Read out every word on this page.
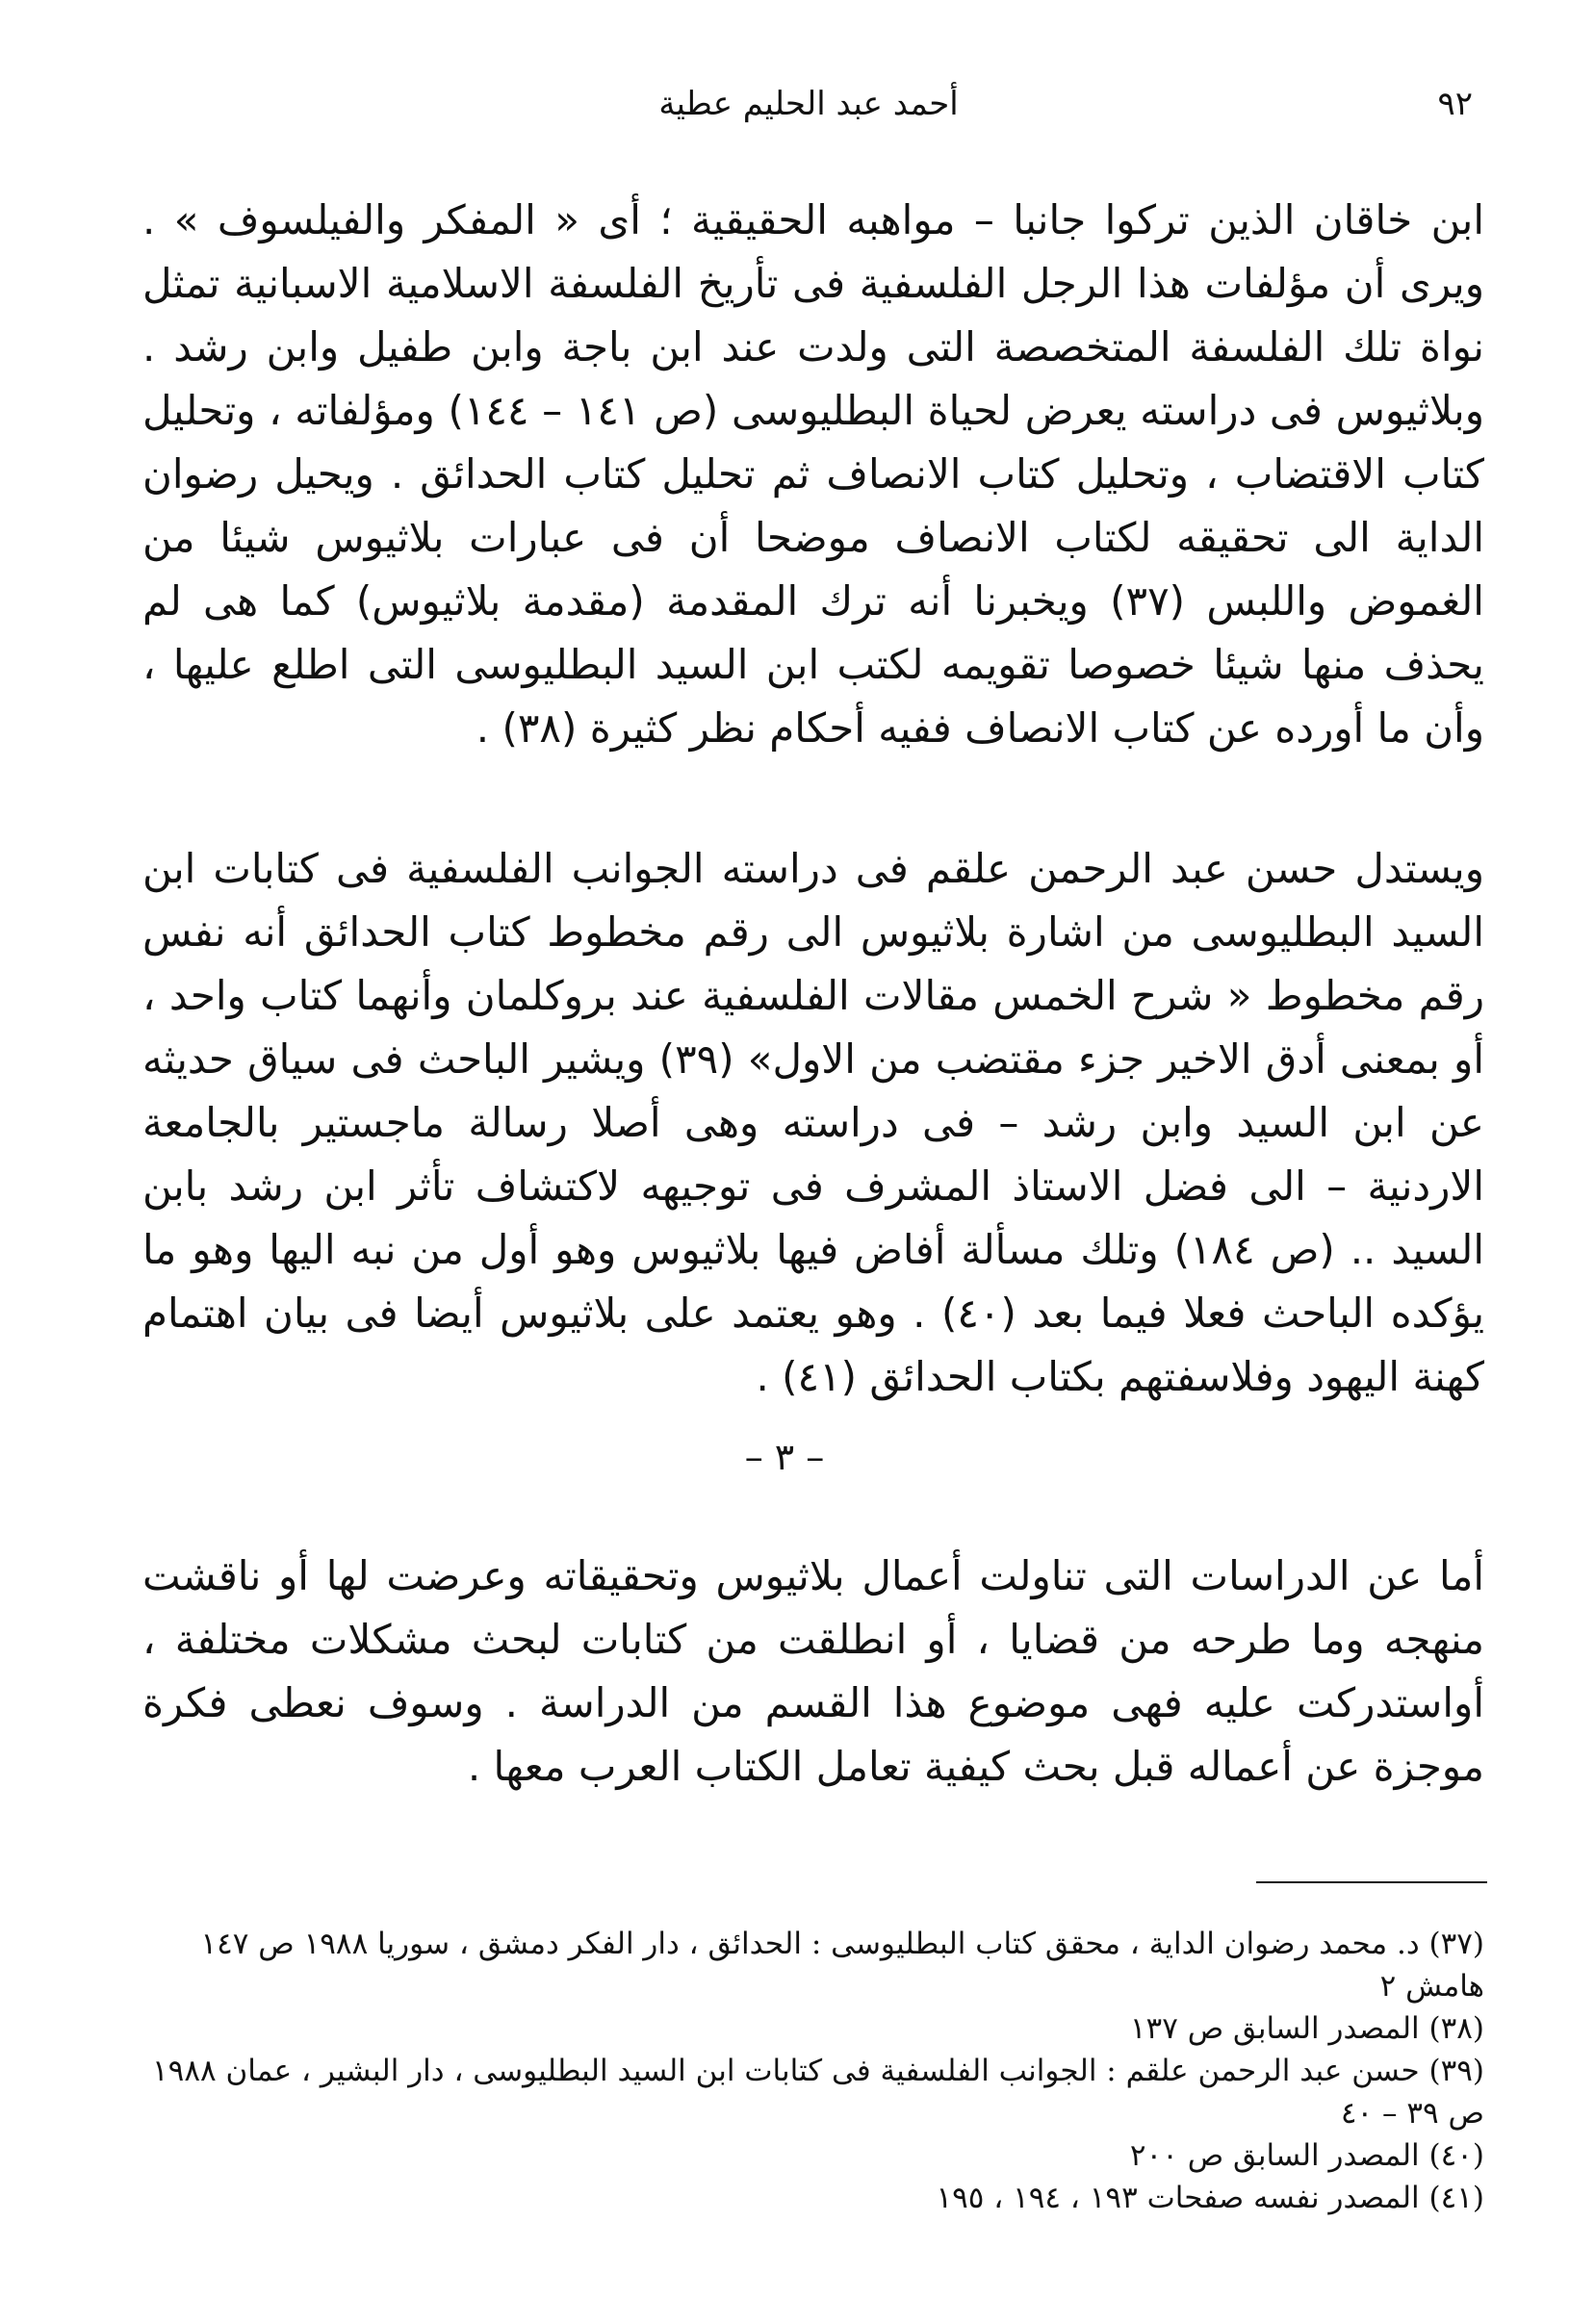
٩٢
أحمد عبد الحليم عطية

ابن خاقان الذين تركوا جانبا – مواهبه الحقيقية ؛ أى « المفكر والفيلسوف » . ويرى أن مؤلفات هذا الرجل الفلسفية فى تأريخ الفلسفة الاسلامية الاسبانية تمثل نواة تلك الفلسفة المتخصصة التى ولدت عند ابن باجة وابن طفيل وابن رشد . وبلاثيوس فى دراسته يعرض لحياة البطليوسى (ص ١٤١ – ١٤٤) ومؤلفاته ، وتحليل كتاب الاقتضاب ، وتحليل كتاب الانصاف ثم تحليل كتاب الحدائق . ويحيل رضوان الداية الى تحقيقه لكتاب الانصاف موضحا أن فى عبارات بلاثيوس شيئا من الغموض واللبس (٣٧) ويخبرنا أنه ترك المقدمة (مقدمة بلاثيوس) كما هى لم يحذف منها شيئا خصوصا تقويمه لكتب ابن السيد البطليوسى التى اطلع عليها ، وأن ما أورده عن كتاب الانصاف ففيه أحكام نظر كثيرة (٣٨) .

ويستدل حسن عبد الرحمن علقم فى دراسته الجوانب الفلسفية فى كتابات ابن السيد البطليوسى من اشارة بلاثيوس الى رقم مخطوط كتاب الحدائق أنه نفس رقم مخطوط « شرح الخمس مقالات الفلسفية عند بروكلمان وأنهما كتاب واحد ، أو بمعنى أدق الاخير جزء مقتضب من الاول» (٣٩) ويشير الباحث فى سياق حديثه عن ابن السيد وابن رشد – فى دراسته وهى أصلا رسالة ماجستير بالجامعة الاردنية – الى فضل الاستاذ المشرف فى توجيهه لاكتشاف تأثر ابن رشد بابن السيد .. (ص ١٨٤) وتلك مسألة أفاض فيها بلاثيوس وهو أول من نبه اليها وهو ما يؤكده الباحث فعلا فيما بعد (٤٠) . وهو يعتمد على بلاثيوس أيضا فى بيان اهتمام كهنة اليهود وفلاسفتهم بكتاب الحدائق (٤١) .

– ٣ –

أما عن الدراسات التى تناولت أعمال بلاثيوس وتحقيقاته وعرضت لها أو ناقشت منهجه وما طرحه من قضايا ، أو انطلقت من كتابات لبحث مشكلات مختلفة ، أواستدركت عليه فهى موضوع هذا القسم من الدراسة . وسوف نعطى فكرة موجزة عن أعماله قبل بحث كيفية تعامل الكتاب العرب معها .

(٣٧) د. محمد رضوان الداية ، محقق كتاب البطليوسى : الحدائق ، دار الفكر دمشق ، سوريا ١٩٨٨ ص ١٤٧ هامش ٢
(٣٨) المصدر السابق ص ١٣٧
(٣٩) حسن عبد الرحمن علقم : الجوانب الفلسفية فى كتابات ابن السيد البطليوسى ، دار البشير ، عمان ١٩٨٨ ص ٣٩ – ٤٠
(٤٠) المصدر السابق ص ٢٠٠
(٤١) المصدر نفسه صفحات ١٩٣ ، ١٩٤ ، ١٩٥
